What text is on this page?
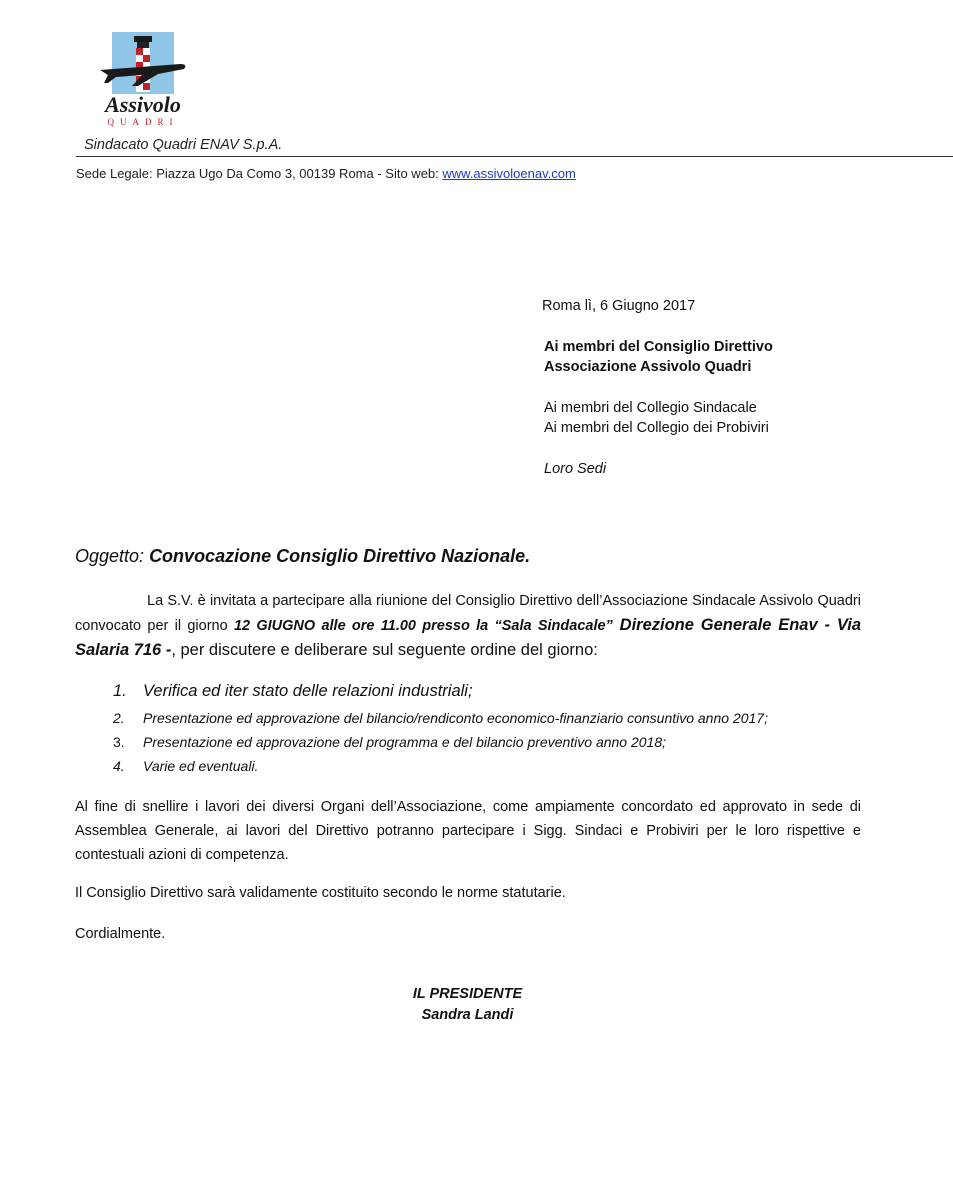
Assivolo
QUADRI
Sindacato Quadri ENAV S.p.A.
Sede Legale: Piazza Ugo Da Como 3, 00139 Roma - Sito web: www.assivoloenav.com
Roma lì, 6 Giugno 2017
Ai membri del Consiglio Direttivo
Associazione Assivolo Quadri
Ai membri del Collegio Sindacale
Ai membri del Collegio dei Probiviri
Loro Sedi
Oggetto: Convocazione Consiglio Direttivo Nazionale.
La S.V. è invitata a partecipare alla riunione del Consiglio Direttivo dell’Associazione Sindacale Assivolo Quadri convocato per il giorno 12 GIUGNO alle ore 11.00 presso la “Sala Sindacale” Direzione Generale Enav - Via Salaria 716 -, per discutere e deliberare sul seguente ordine del giorno:
1. Verifica ed iter stato delle relazioni industriali;
2.	Presentazione ed approvazione del bilancio/rendiconto economico-finanziario consuntivo anno 2017;
3.	Presentazione ed approvazione del programma e del bilancio preventivo anno 2018;
4.	Varie ed eventuali.
Al fine di snellire i lavori dei diversi Organi dell’Associazione, come ampiamente concordato ed approvato in sede di Assemblea Generale, ai lavori del Direttivo potranno partecipare i Sigg. Sindaci e Probiviri per le loro rispettive e contestuali azioni di competenza.
Il Consiglio Direttivo sarà validamente costituito secondo le norme statutarie.
Cordialmente.
IL PRESIDENTE
Sandra Landi
